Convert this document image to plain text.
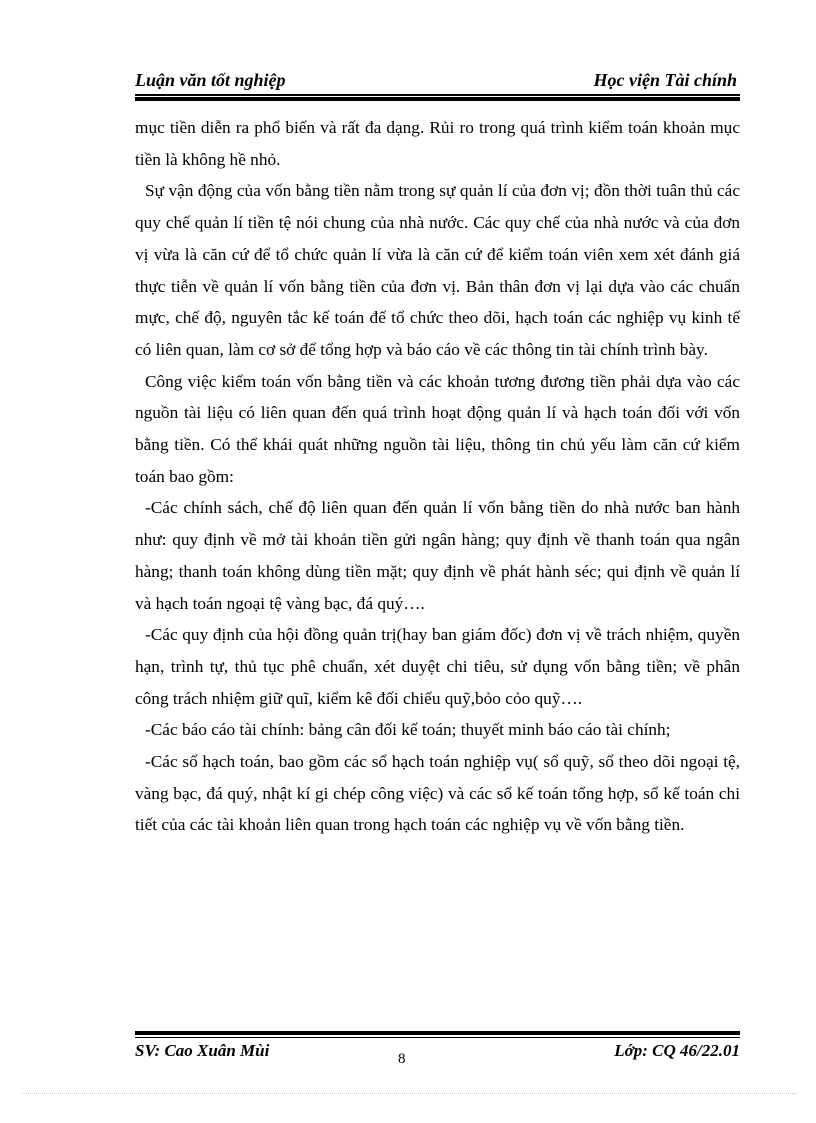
Luận văn tốt nghiệp	Học viện Tài chính

mục tiền diễn ra phổ biến và rất đa dạng. Rủi ro trong quá trình kiểm toán khoản mục tiền là không hề nhỏ.

Sự vận động của vốn bằng tiền nằm trong sự quản lí của đơn vị; đồn thời tuân thủ các quy chế quản lí tiền tệ nói chung của nhà nước. Các quy chế của nhà nước và của đơn vị vừa là căn cứ để tổ chức quản lí vừa là căn cứ để kiểm toán viên xem xét đánh giá thực tiễn về quản lí vốn bằng tiền của đơn vị. Bản thân đơn vị lại dựa vào các chuẩn mực, chế độ, nguyên tắc kế toán để tổ chức theo dõi, hạch toán các nghiệp vụ kinh tế có liên quan, làm cơ sở để tổng hợp và báo cáo về các thông tin tài chính trình bày.

Công việc kiểm toán vốn bằng tiền và các khoản tương đương tiền phải dựa vào các nguồn tài liệu có liên quan đến quá trình hoạt động quản lí và hạch toán đối với vốn bằng tiền. Có thể khái quát những nguồn tài liệu, thông tin chủ yếu làm căn cứ kiểm toán bao gồm:

-Các chính sách, chế độ liên quan đến quản lí vốn bằng tiền do nhà nước ban hành như: quy định về mở tài khoản tiền gửi ngân hàng; quy định về thanh toán qua ngân hàng; thanh toán không dùng tiền mặt; quy định về phát hành séc; qui định về quản lí và hạch toán ngoại tệ vàng bạc, đá quý….

-Các quy định của hội đồng quản trị(hay ban giám đốc) đơn vị về trách nhiệm, quyền hạn, trình tự, thủ tục phê chuẩn, xét duyệt chi tiêu, sử dụng vốn bằng tiền; về phân công trách nhiệm giữ quĩ, kiểm kê đối chiếu quỹ,bỏo cỏo quỹ….

-Các báo cáo tài chính: bảng cân đối kế toán; thuyết minh báo cáo tài chính;

-Các sổ hạch toán, bao gồm các sổ hạch toán nghiệp vụ( sổ quỹ, sổ theo dõi ngoại tệ, vàng bạc, đá quý, nhật kí gi chép công việc) và các sổ kế toán tổng hợp, sổ kế toán chi tiết của các tài khoản liên quan trong hạch toán các nghiệp vụ về vốn bằng tiền.

SV: Cao Xuân Mùi	Lớp: CQ 46/22.01
8
